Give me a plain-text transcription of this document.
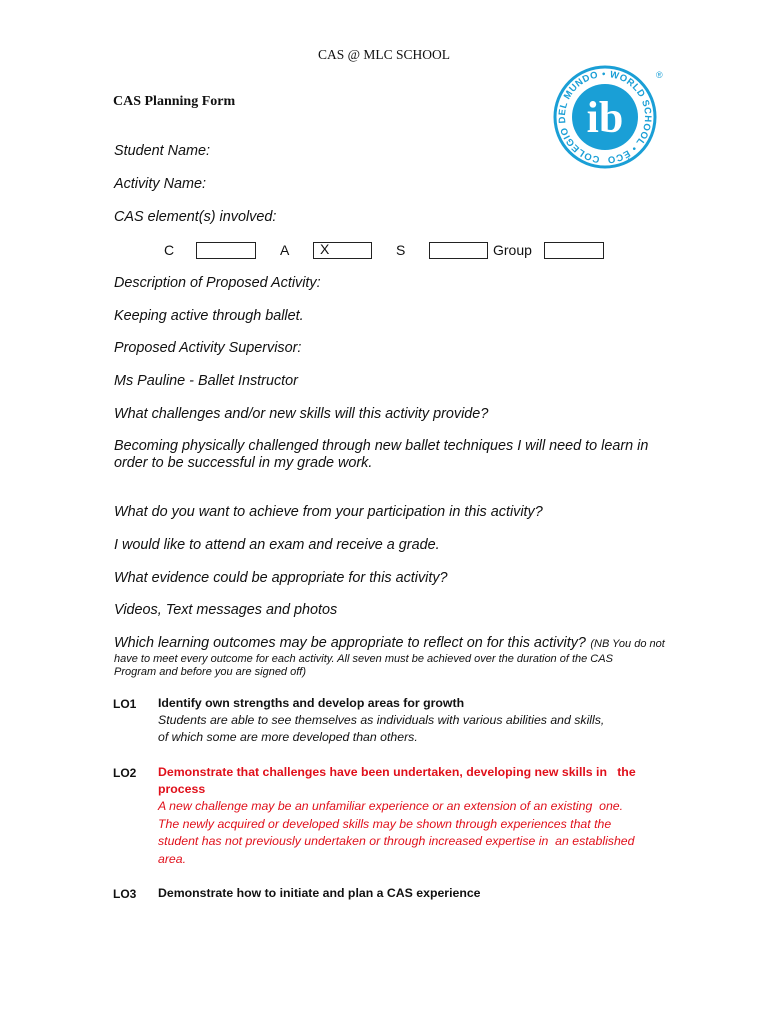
CAS @ MLC SCHOOL
COLEGIO DEL MUNDO • WORLD SCHOOL • ÉCO
ib
®
CAS Planning Form
Student Name:
Activity Name:
CAS element(s) involved:
C	A X	S	Group
Description of Proposed Activity:
Keeping active through ballet.
Proposed Activity Supervisor:
Ms Pauline - Ballet Instructor
What challenges and/or new skills will this activity provide?
Becoming physically challenged through new ballet techniques I will need to learn in
order to be successful in my grade work.
What do you want to achieve from your participation in this activity?
I would like to attend an exam and receive a grade.
What evidence could be appropriate for this activity?
Videos, Text messages and photos
Which learning outcomes may be appropriate to reflect on for this activity? (NB You do not
have to meet every outcome for each activity. All seven must be achieved over the duration of the CAS
Program and before you are signed off)
LO1 Identify own strengths and develop areas for growth
Students are able to see themselves as individuals with various abilities and skills,
of which some are more developed than others.
LO2 Demonstrate that challenges have been undertaken, developing new skills in   the
process
A new challenge may be an unfamiliar experience or an extension of an existing  one.
The newly acquired or developed skills may be shown through experiences that the
student has not previously undertaken or through increased expertise in  an established
area.
LO3 Demonstrate how to initiate and plan a CAS experience
